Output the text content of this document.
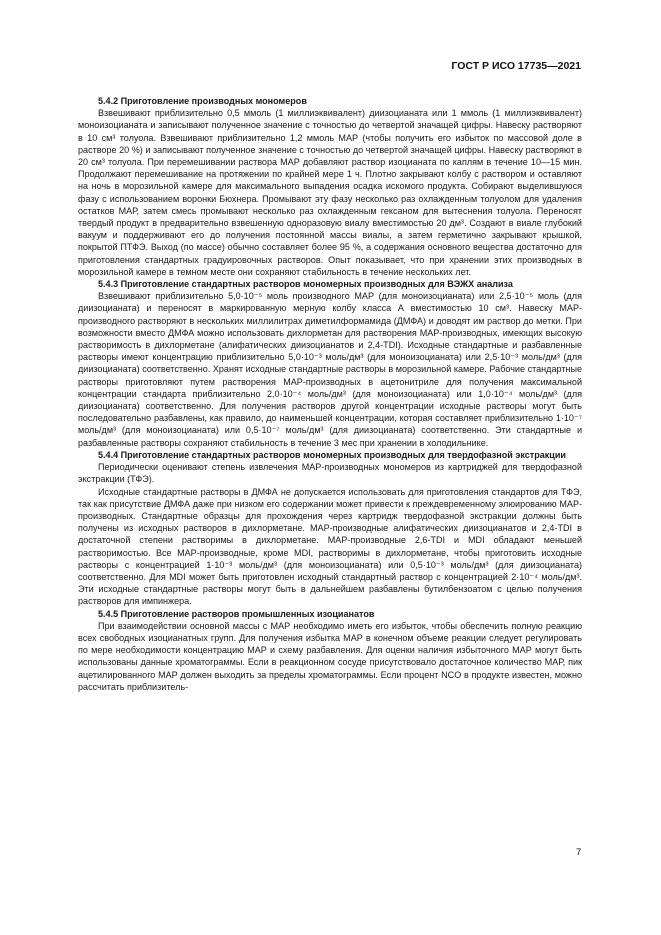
ГОСТ Р ИСО 17735—2021

5.4.2 Приготовление производных мономеров

Взвешивают приблизительно 0,5 ммоль (1 миллиэквивалент) диизоцианата или 1 ммоль (1 миллиэквивалент) моноизоцианата и записывают полученное значение с точностью до четвертой значащей цифры. Навеску растворяют в 10 см³ толуола. Взвешивают приблизительно 1,2 ммоль МАР (чтобы получить его избыток по массовой доле в растворе 20 %) и записывают полученное значение с точностью до четвертой значащей цифры. Навеску растворяют в 20 см³ толуола. При перемешивании раствора МАР добавляют раствор изоцианата по каплям в течение 10—15 мин. Продолжают перемешивание на протяжении по крайней мере 1 ч. Плотно закрывают колбу с раствором и оставляют на ночь в морозильной камере для максимального выпадения осадка искомого продукта. Собирают выделившуюся фазу с использованием воронки Бюхнера. Промывают эту фазу несколько раз охлажденным толуолом для удаления остатков МАР, затем смесь промывают несколько раз охлажденным гексаном для вытеснения толуола. Переносят твердый продукт в предварительно взвешенную одноразовую виалу вместимостью 20 дм³. Создают в виале глубокий вакуум и поддерживают его до получения постоянной массы виалы, а затем герметично закрывают крышкой, покрытой ПТФЭ. Выход (по массе) обычно составляет более 95 %, а содержания основного вещества достаточно для приготовления стандартных градуировочных растворов. Опыт показывает, что при хранении этих производных в морозильной камере в темном месте они сохраняют стабильность в течение нескольких лет.

5.4.3 Приготовление стандартных растворов мономерных производных для ВЭЖХ анализа

Взвешивают приблизительно 5,0·10⁻⁵ моль производного МАР (для моноизоцианата) или 2,5·10⁻⁵ моль (для диизоцианата) и переносят в маркированную мерную колбу класса А вместимостью 10 см³. Навеску МАР-производного растворяют в нескольких миллилитрах диметилформамида (ДМФА) и доводят им раствор до метки. При возможности вместо ДМФА можно использовать дихлорметан для растворения МАР-производных, имеющих высокую растворимость в дихлорметане (алифатических диизоцианатов и 2,4-TDI). Исходные стандартные и разбавленные растворы имеют концентрацию приблизительно 5,0·10⁻³ моль/дм³ (для моноизоцианата) или 2,5·10⁻³ моль/дм³ (для диизоцианата) соответственно. Хранят исходные стандартные растворы в морозильной камере. Рабочие стандартные растворы приготовляют путем растворения МАР-производных в ацетонитриле для получения максимальной концентрации стандарта приблизительно 2,0·10⁻⁴ моль/дм³ (для моноизоцианата) или 1,0·10⁻⁴ моль/дм³ (для диизоцианата) соответственно. Для получения растворов другой концентрации исходные растворы могут быть последовательно разбавлены, как правило, до наименьшей концентрации, которая составляет приблизительно 1·10⁻⁷ моль/дм³ (для моноизоцианата) или 0,5·10⁻⁷ моль/дм³ (для диизоцианата) соответственно. Эти стандартные и разбавленные растворы сохраняют стабильность в течение 3 мес при хранении в холодильнике.

5.4.4 Приготовление стандартных растворов мономерных производных для твердофазной экстракции

Периодически оценивают степень извлечения МАР-производных мономеров из картриджей для твердофазной экстракции (ТФЭ).

Исходные стандартные растворы в ДМФА не допускается использовать для приготовления стандартов для ТФЭ, так как присутствие ДМФА даже при низком его содержании может привести к преждевременному элюированию МАР-производных. Стандартные образцы для прохождения через картридж твердофазной экстракции должны быть получены из исходных растворов в дихлорметане. МАР-производные алифатических диизоцианатов и 2,4-TDI в достаточной степени растворимы в дихлорметане. МАР-производные 2,6-TDI и MDI обладают меньшей растворимостью. Все МАР-производные, кроме MDI, растворимы в дихлорметане, чтобы приготовить исходные растворы с концентрацией 1·10⁻³ моль/дм³ (для моноизоцианата) или 0,5·10⁻³ моль/дм³ (для диизоцианата) соответственно. Для MDI может быть приготовлен исходный стандартный раствор с концентрацией 2·10⁻⁴ моль/дм³. Эти исходные стандартные растворы могут быть в дальнейшем разбавлены бутилбензоатом с целью получения растворов для импинжера.

5.4.5 Приготовление растворов промышленных изоцианатов

При взаимодействии основной массы с МАР необходимо иметь его избыток, чтобы обеспечить полную реакцию всех свободных изоцианатных групп. Для получения избытка МАР в конечном объеме реакции следует регулировать по мере необходимости концентрацию МАР и схему разбавления. Для оценки наличия избыточного МАР могут быть использованы данные хроматограммы. Если в реакционном сосуде присутствовало достаточное количество МАР, пик ацетилированного МАР должен выходить за пределы хроматограммы. Если процент NCO в продукте известен, можно рассчитать приблизитель-

7
